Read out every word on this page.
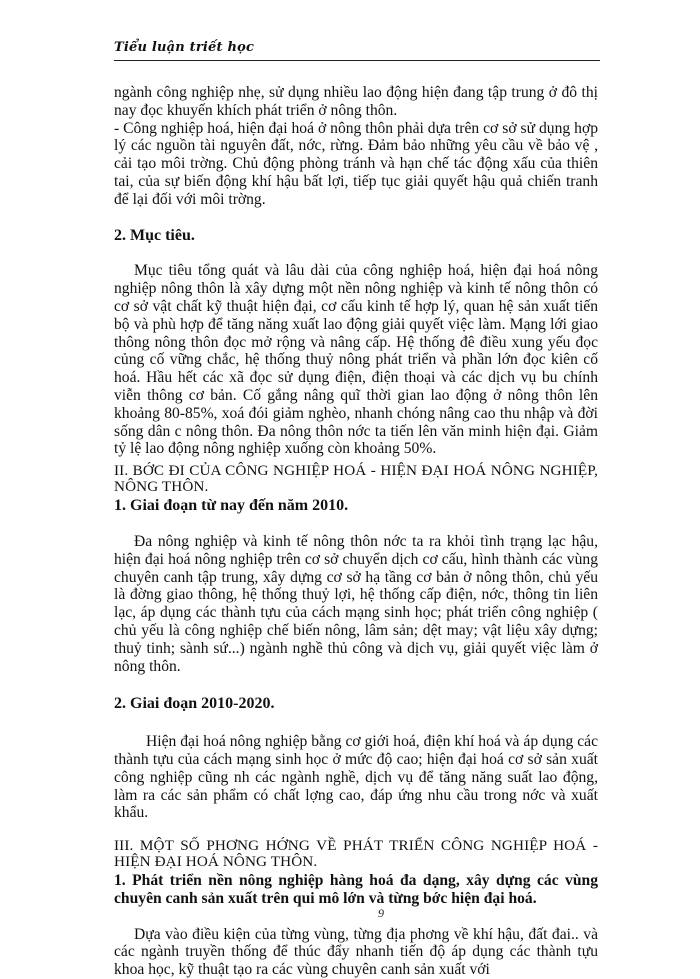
Tiểu luận triết học

ngành công nghiệp nhẹ, sử dụng nhiều lao động hiện đang tập trung ở đô thị nay đọc khuyến khích phát triển ở nông thôn.

- Công nghiệp hoá, hiện đại hoá ở nông thôn phải dựa trên cơ sở sử dụng hợp lý các nguồn tài nguyên đất, nớc, rừng. Đảm bảo những yêu cầu về bảo vệ , cải tạo môi trờng. Chủ động phòng tránh và hạn chế tác động xấu của thiên tai, của sự biến động khí hậu bất lợi, tiếp tục giải quyết hậu quả chiến tranh để lại đối với môi trờng.

2. Mục tiêu.

Mục tiêu tổng quát và lâu dài của công nghiệp hoá, hiện đại hoá nông nghiệp nông thôn là xây dựng một nền nông nghiệp và kinh tế nông thôn có cơ sở vật chất kỹ thuật hiện đại, cơ cấu kinh tế hợp lý, quan hệ sản xuất tiến bộ và phù hợp để tăng năng xuất lao động giải quyết việc làm. Mạng lới giao thông nông thôn đọc mở rộng và nâng cấp. Hệ thống đê điều xung yếu đọc củng cố vững chắc, hệ thống thuỷ nông phát triển và phần lớn đọc kiên cố hoá. Hầu hết các xã đọc sử dụng điện, điện thoại và các dịch vụ bu chính viễn thông cơ bản. Cố gắng nâng quĩ thời gian lao động ở nông thôn lên khoảng 80-85%, xoá đói giảm nghèo, nhanh chóng nâng cao thu nhập và đời sống dân c nông thôn. Đa nông thôn nớc ta tiến lên văn minh hiện đại. Giảm tỷ lệ lao động nông nghiệp xuống còn khoảng 50%.

II. BỚC ĐI CỦA CÔNG NGHIỆP HOÁ - HIỆN ĐẠI HOÁ NÔNG NGHIỆP, NÔNG THÔN.

1. Giai đoạn từ nay đến năm 2010.

Đa nông nghiệp và kinh tế nông thôn nớc ta ra khỏi tình trạng lạc hậu, hiện đại hoá nông nghiệp trên cơ sở chuyển dịch cơ cấu, hình thành các vùng chuyên canh tập trung, xây dựng cơ sở hạ tầng cơ bản ở nông thôn, chủ yếu là đờng giao thông, hệ thống thuỷ lợi, hệ thống cấp điện, nớc, thông tin liên lạc, áp dụng các thành tựu của cách mạng sinh học; phát triển công nghiệp ( chủ yếu là công nghiệp chế biến nông, lâm sản; dệt may; vật liệu xây dựng; thuỷ tinh; sành sứ...) ngành nghề thủ công và dịch vụ, giải quyết việc làm ở nông thôn.

2. Giai đoạn 2010-2020.

Hiện đại hoá nông nghiệp bằng cơ giới hoá, điện khí hoá và áp dụng các thành tựu của cách mạng sinh học ở mức độ cao; hiện đại hoá cơ sở sản xuất công nghiệp cũng nh các ngành nghề, dịch vụ để tăng năng suất lao động, làm ra các sản phẩm có chất lợng cao, đáp ứng nhu cầu trong nớc và xuất khẩu.

III. MỘT SỐ PHƠNG HỚNG VỀ PHÁT TRIỂN CÔNG NGHIỆP HOÁ - HIỆN ĐẠI HOÁ NÔNG THÔN.

1. Phát triển nền nông nghiệp hàng hoá đa dạng, xây dựng các vùng chuyên canh sản xuất trên qui mô lớn và từng bớc hiện đại hoá.

Dựa vào điều kiện của từng vùng, từng địa phơng về khí hậu, đất đai.. và các ngành truyền thống để thúc đẩy nhanh tiến độ áp dụng các thành tựu khoa học, kỹ thuật tạo ra các vùng chuyên canh sản xuất với

9
